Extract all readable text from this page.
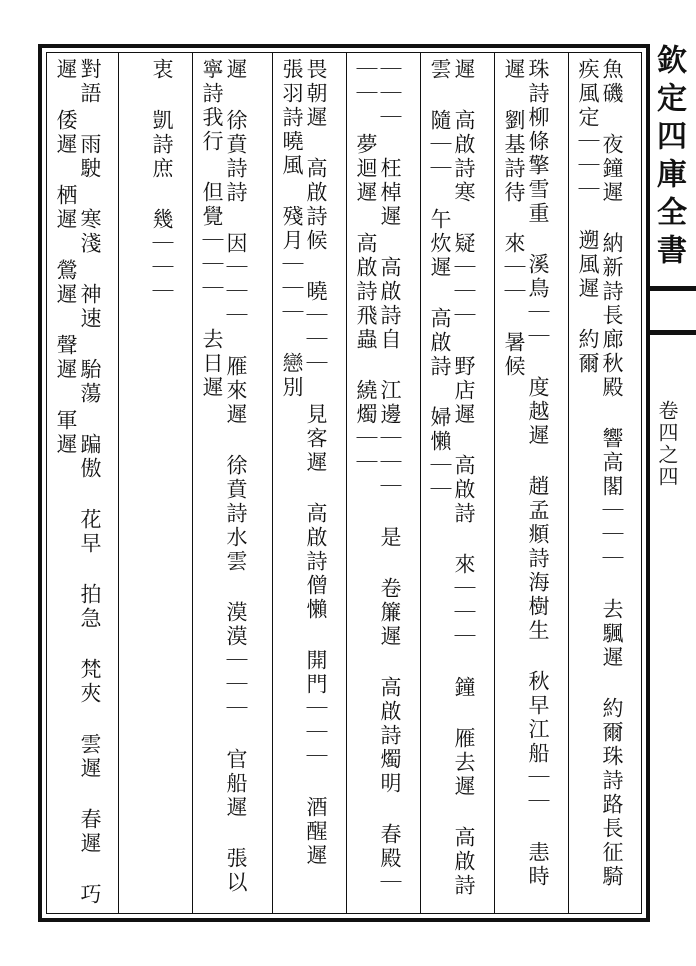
欽定四庫全書
卷四之四
魚磯 夜鐘遲 納新詩長廊秋殿 響高閣｜｜｜ 去颿遲 約爾珠詩路長征騎 疾風定｜｜｜ 遡風遲 約爾
珠詩柳條擎雪重 溪鳥｜｜ 度越遲 趙孟頫詩海樹生 秋早江船｜｜ 恚時遲 劉基詩待 來｜｜ 暑候
遲 高啟詩寒 疑｜｜｜ 野店遲 高啟詩 來｜｜｜ 鐘 雁去遲 高啟詩雲 隨｜｜ 午炊遲 高啟詩 婦懶｜｜
｜｜｜ 枉棹遲 高啟詩自 江邊｜｜｜ 是 卷簾遲 高啟詩燭明 春殿｜｜｜ 夢迴遲 高啟詩飛蟲 繞燭｜｜
畏朝遲 高啟詩候 曉｜｜｜ 見客遲 高啟詩僧懶 開門｜｜｜ 酒醒遲 張羽詩曉風 殘月｜｜｜ 戀別
遲 徐賁詩詩 因｜｜｜ 雁來遲 徐賁詩水雲 漠漠｜｜｜ 官船遲 張以寧詩我行 但覺｜｜｜ 去日遲
衷 凱詩庶 幾｜｜｜
對語 雨駛 寒淺 神速 駘蕩 蹁傲 花早 拍急 梵夾 雲遲 春遲 巧遲 倭遲 栖遲 鶯遲 聲遲 軍遲
